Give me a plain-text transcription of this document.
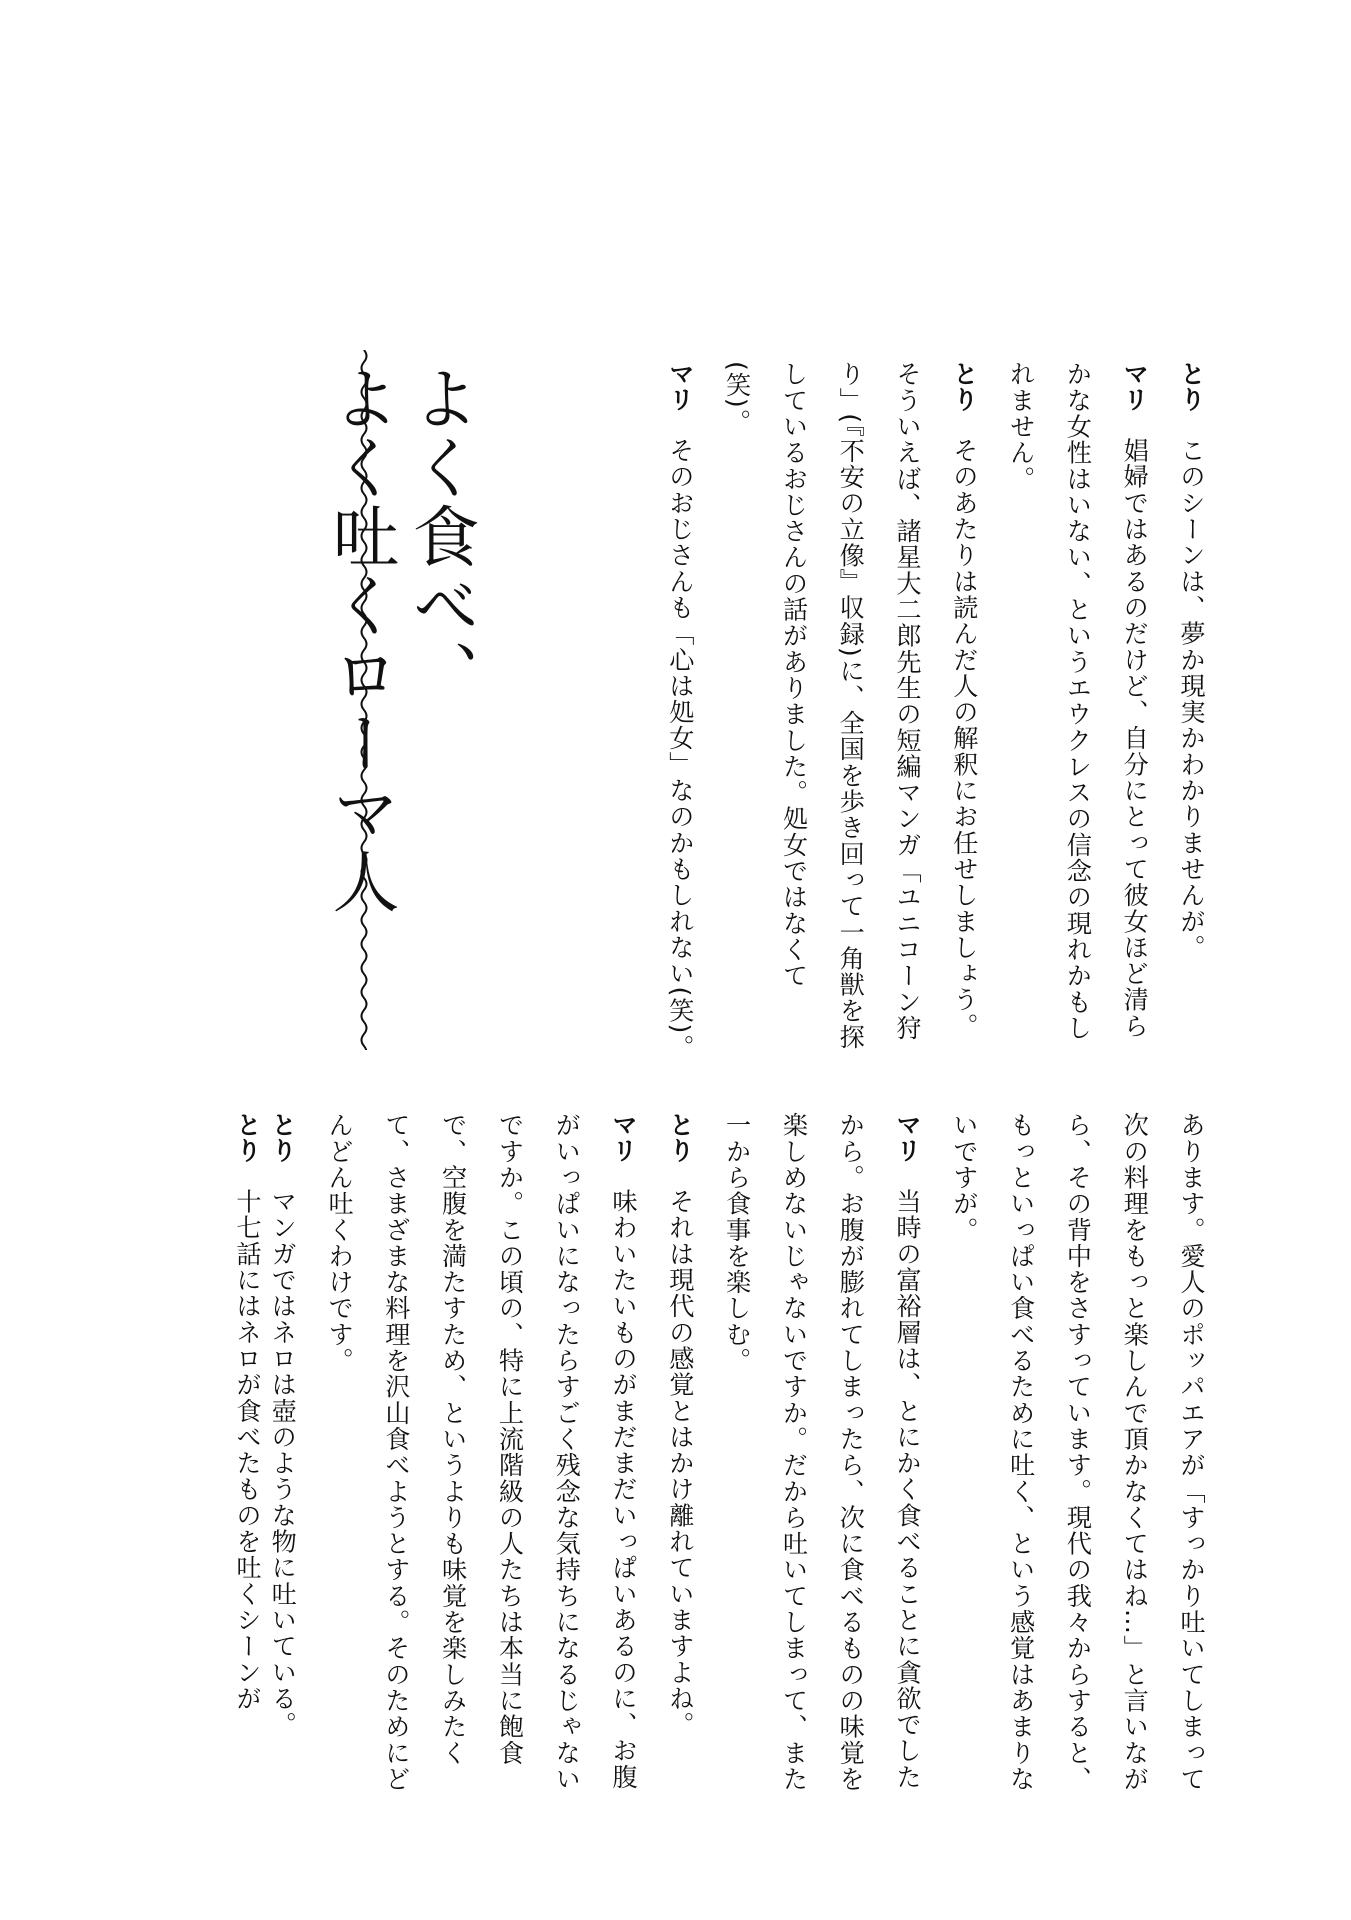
とりこのシーンは、夢か現実かわかりませんが。

マリ娼婦ではあるのだけど、自分にとって彼女ほど清らかな女性はいない、というエウクレスの信念の現れかもしれません。

とりそのあたりは読んだ人の解釈にお任せしましょう。そういえば、諸星大二郎先生の短編マンガ「ユニコーン狩り」(『不安の立像』収録)に、全国を歩き回って一角獣を探しているおじさんの話がありました。処女ではなくて(笑)。

マリそのおじさんも「心は処女」なのかもしれない(笑)。

よく食べ、
よく吐くローマ人

とり十七話にはネロが食べたものを吐くシーンが	あります。愛人のポッパエアが「すっかり吐いてしまって次の料理をもっと楽しんで頂かなくてはね…」と言いながら、その背中をさすっています。現代の我々からすると、もっといっぱい食べるために吐く、という感覚はあまりないですが。

マリ当時の富裕層は、とにかく食べることに貪欲でしたから。お腹が膨れてしまったら、次に食べるものの味覚を楽しめないじゃないですか。だから吐いてしまって、また一から食事を楽しむ。

とりそれは現代の感覚とはかけ離れていますよね。

マリ味わいたいものがまだまだいっぱいあるのに、お腹がいっぱいになったらすごく残念な気持ちになるじゃないですか。この頃の、特に上流階級の人たちは本当に飽食で、空腹を満たすため、というよりも味覚を楽しみたくて、さまざまな料理を沢山食べようとする。そのためにどんどん吐くわけです。

とりマンガではネロは壺のような物に吐いている。
